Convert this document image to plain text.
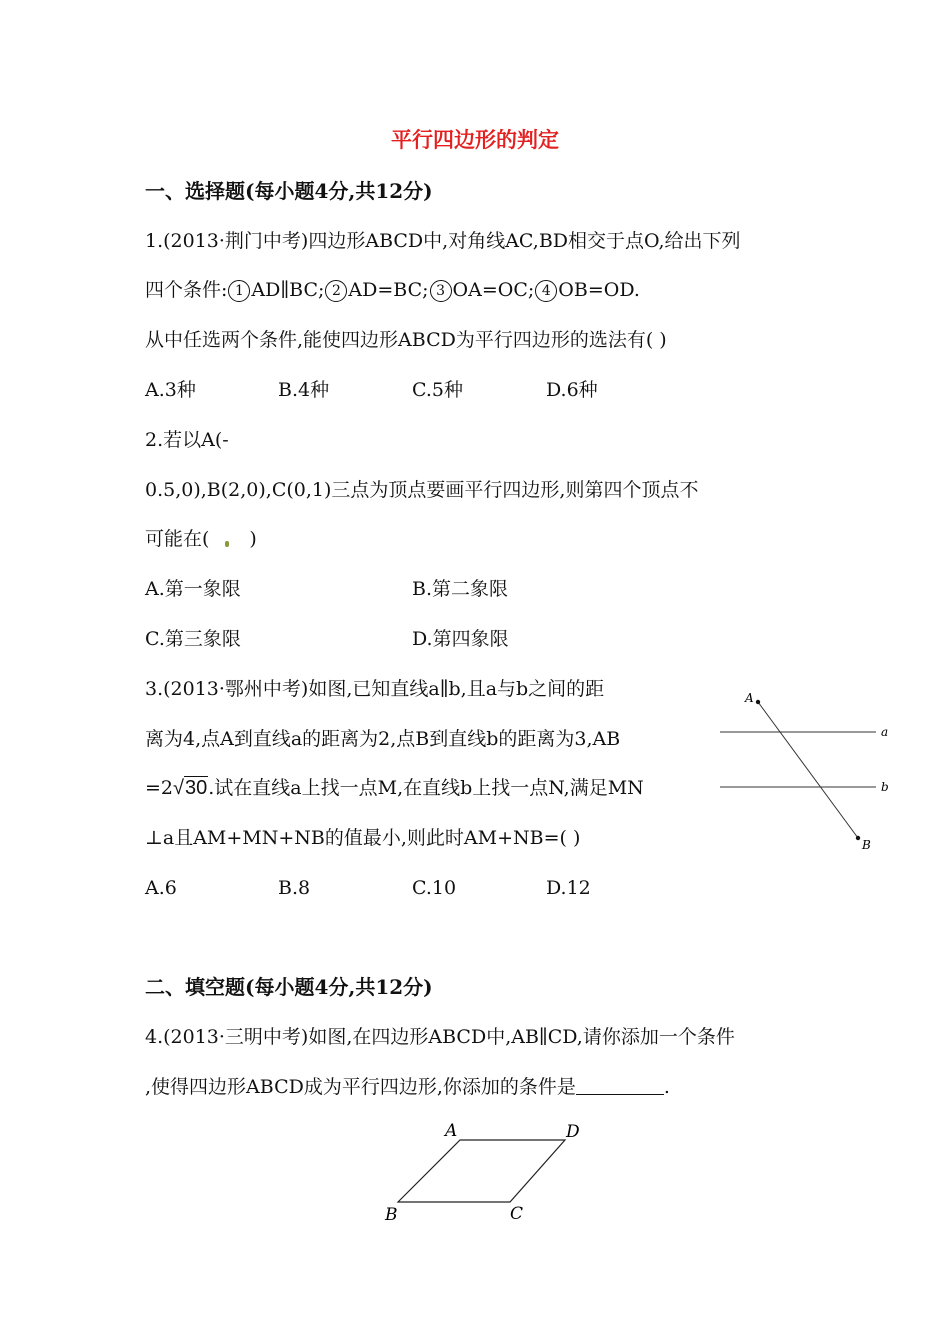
平行四边形的判定
一、选择题(每小题4分,共12分)
1.(2013·荆门中考)四边形ABCD中,对角线AC,BD相交于点O,给出下列
四个条件: 1 AD∥BC; 2 AD=BC; 3 OA=OC; 4 OB=OD.
从中任选两个条件,能使四边形ABCD为平行四边形的选法有( )
A.3种	B.4种	C.5种	D.6种
2.若以A(-
0.5,0),B(2,0),C(0,1)三点为顶点要画平行四边形,则第四个顶点不
可能在( )
A.第一象限	B.第二象限
C.第三象限	D.第四象限
3.(2013·鄂州中考)如图,已知直线a∥b,且a与b之间的距
离为4,点A到直线a的距离为2,点B到直线b的距离为3,AB
=2√30.试在直线a上找一点M,在直线b上找一点N,满足MN
⊥a且AM+MN+NB的值最小,则此时AM+NB=( )
A.6	B.8	C.10	D.12
A
B
a
b
二、填空题(每小题4分,共12分)
4.(2013·三明中考)如图,在四边形ABCD中,AB∥CD,请你添加一个条件
,使得四边形ABCD成为平行四边形,你添加的条件是	.
A	D
B	C
